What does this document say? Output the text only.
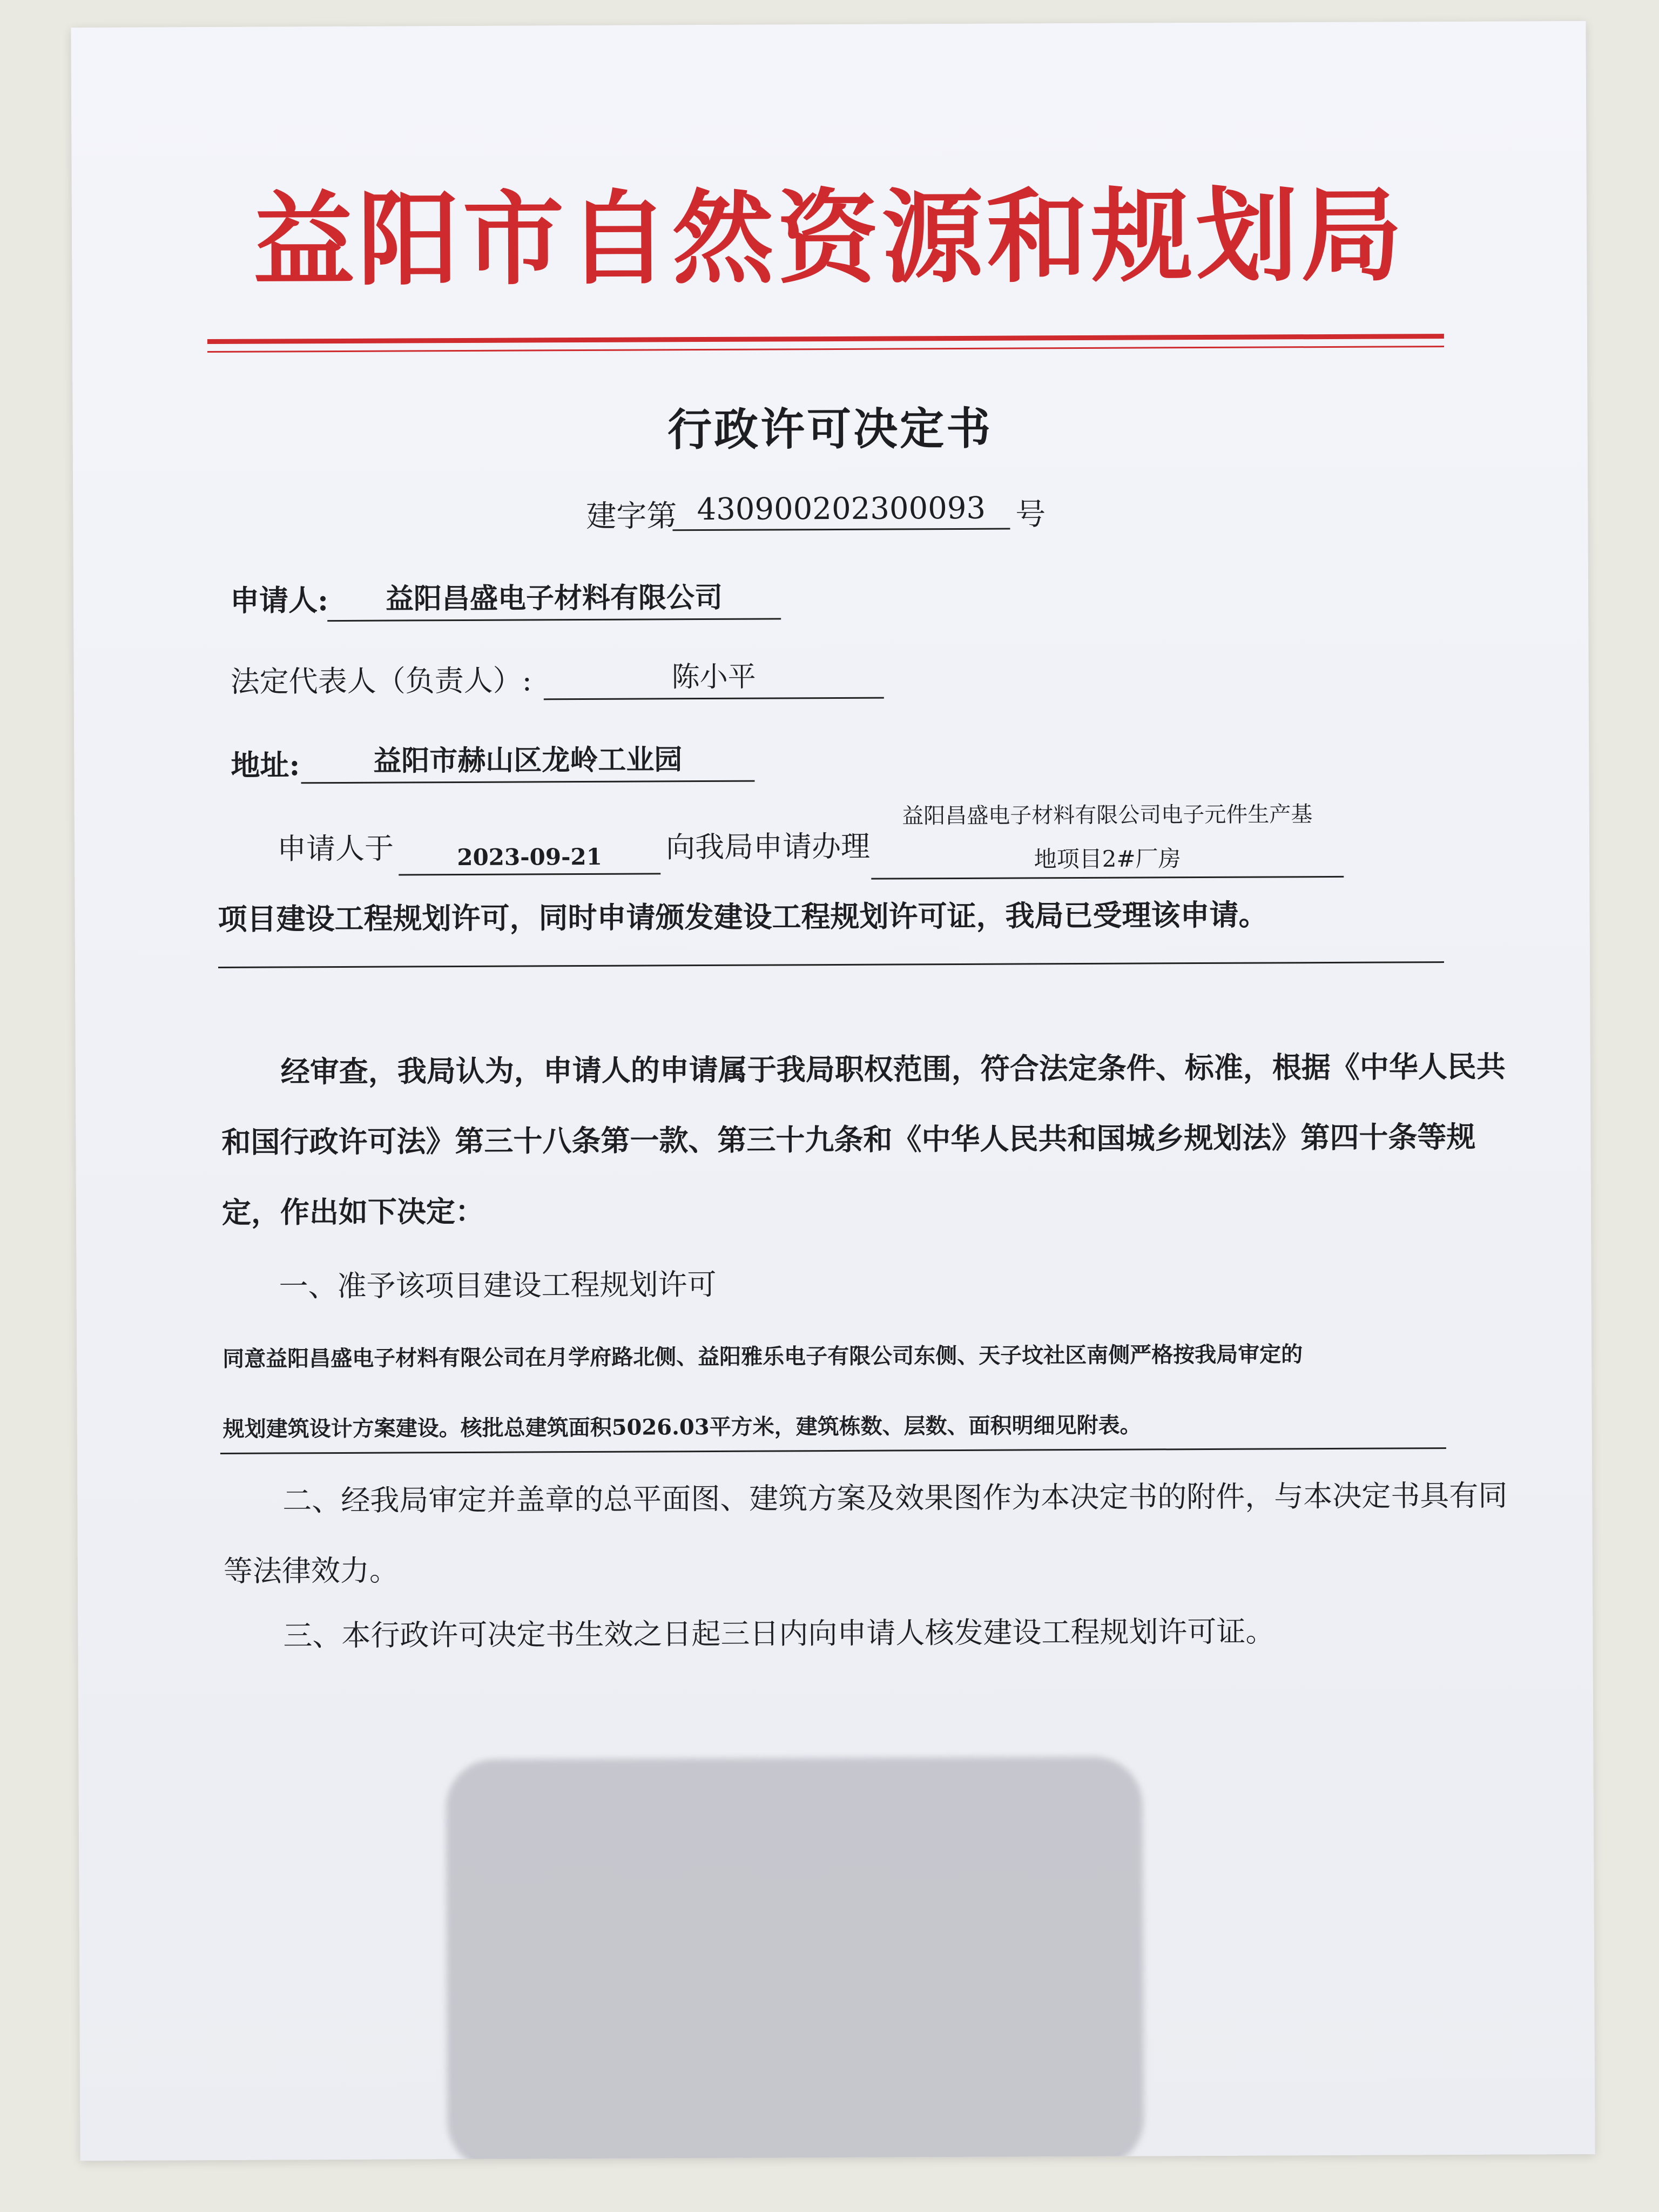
益阳市自然资源和规划局
行政许可决定书
建字第 430900202300093 号
申请人:	益阳昌盛电子材料有限公司
法定代表人（负责人）:	陈小平
地址:	益阳市赫山区龙岭工业园
申请人于	2023-09-21	向我局申请办理
益阳昌盛电子材料有限公司电子元件生产基
地项目2#厂房
项目建设工程规划许可，同时申请颁发建设工程规划许可证，我局已受理该申请。

经审查，我局认为，申请人的申请属于我局职权范围，符合法定条件、标准，根据《中华人民共和国行政许可法》第三十八条第一款、第三十九条和《中华人民共和国城乡规划法》第四十条等规定，作出如下决定：

一、准予该项目建设工程规划许可
同意益阳昌盛电子材料有限公司在月学府路北侧、益阳雅乐电子有限公司东侧、天子坟社区南侧严格按我局审定的
规划建筑设计方案建设。核批总建筑面积5026.03平方米，建筑栋数、层数、面积明细见附表。

二、经我局审定并盖章的总平面图、建筑方案及效果图作为本决定书的附件，与本决定书具有同等法律效力。

三、本行政许可决定书生效之日起三日内向申请人核发建设工程规划许可证。
